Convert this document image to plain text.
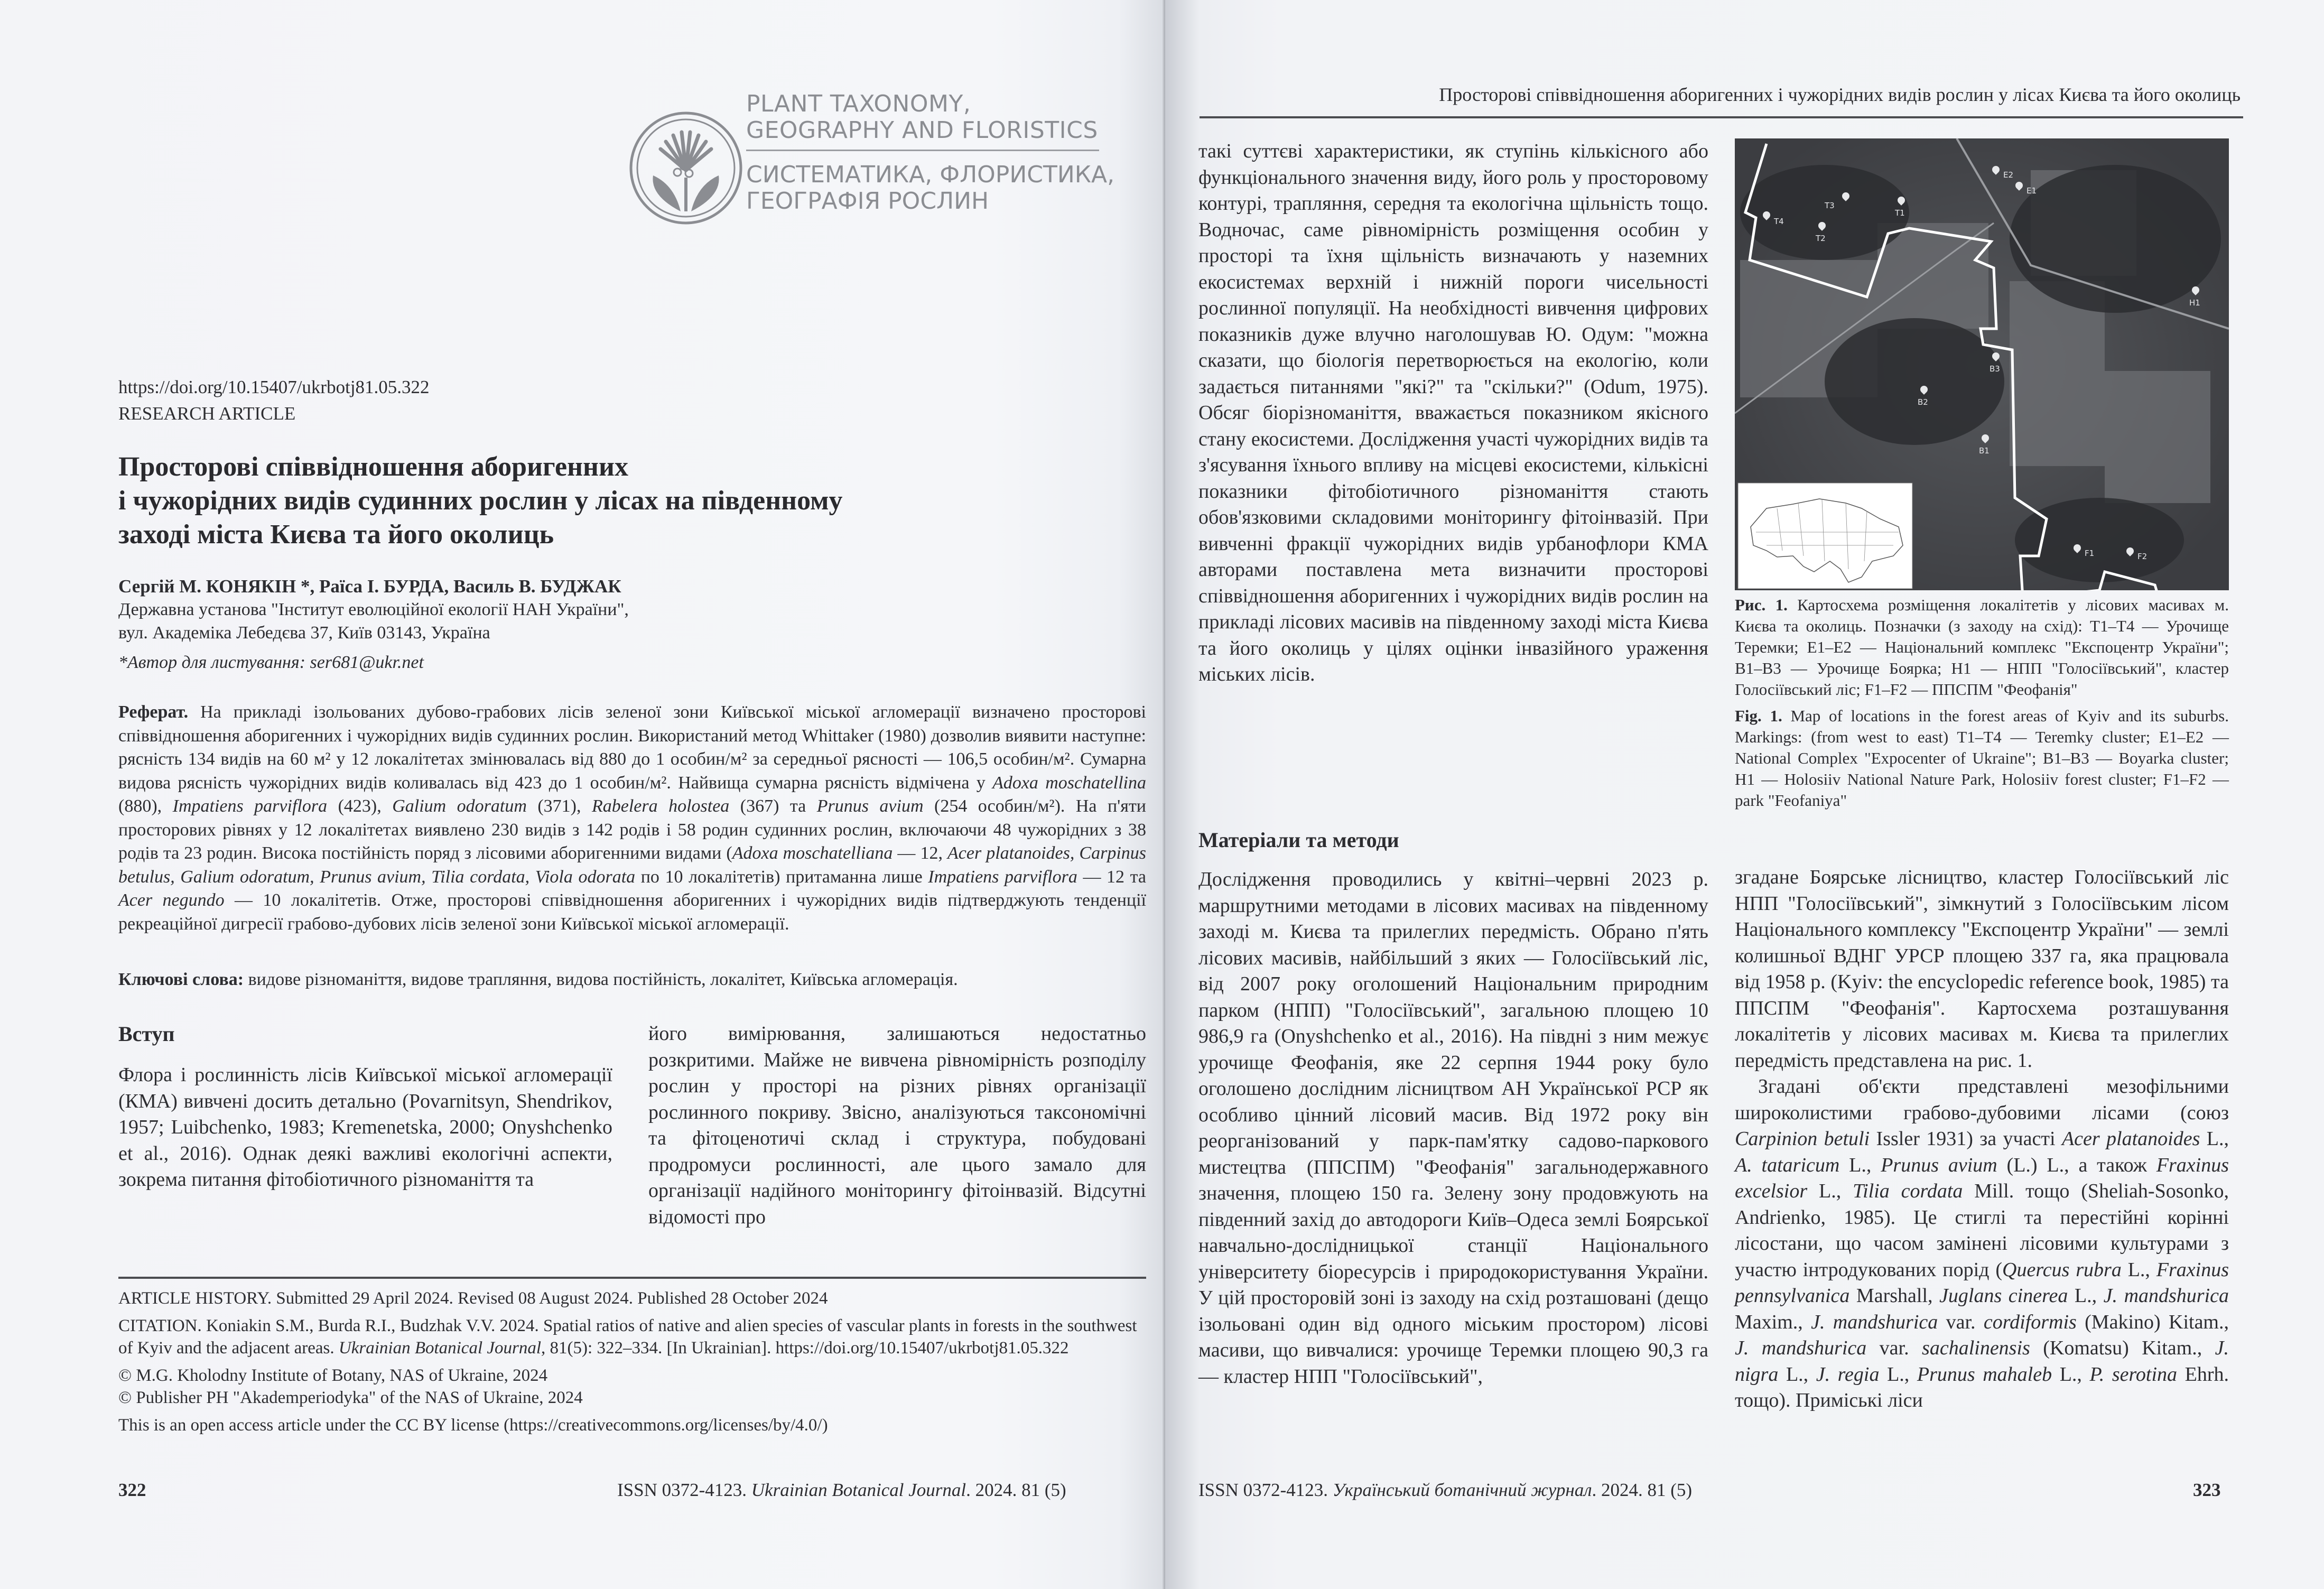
PLANT TAXONOMY,
GEOGRAPHY AND FLORISTICS
СИСТЕМАТИКА, ФЛОРИСТИКА,
ГЕОГРАФІЯ РОСЛИН
https://doi.org/10.15407/ukrbotj81.05.322
RESEARCH ARTICLE
Просторові співвідношення аборигенних
і чужорідних видів судинних рослин у лісах на південному
заході міста Києва та його околиць
Сергій М. КОНЯКІН *, Раїса І. БУРДА, Василь В. БУДЖАК
Державна установа "Інститут еволюційної екології НАН України",
вул. Академіка Лебедєва 37, Київ 03143, Україна
*Автор для листування: ser681@ukr.net
Реферат. На прикладі ізольованих дубово-грабових лісів зеленої зони Київської міської агломерації визначено просторові співвідношення аборигенних і чужорідних видів судинних рослин. Використаний метод Whittaker (1980) дозволив виявити наступне: рясність 134 видів на 60 м² у 12 локалітетах змінювалась від 880 до 1 особин/м² за середньої рясності — 106,5 особин/м². Сумарна видова рясність чужорідних видів коливалась від 423 до 1 особин/м². Найвища сумарна рясність відмічена у Adoxa moschatellina (880), Impatiens parviflora (423), Galium odoratum (371), Rabelera holostea (367) та Prunus avium (254 особин/м²). На п'яти просторових рівнях у 12 локалітетах виявлено 230 видів з 142 родів і 58 родин судинних рослин, включаючи 48 чужорідних з 38 родів та 23 родин. Висока постійність поряд з лісовими аборигенними видами (Adoxa moschatelliana — 12, Acer platanoides, Carpinus betulus, Galium odoratum, Prunus avium, Tilia cordata, Viola odorata по 10 локалітетів) притаманна лише Impatiens parviflora — 12 та Acer negundo — 10 локалітетів. Отже, просторові співвідношення аборигенних і чужорідних видів підтверджують тенденції рекреаційної дигресії грабово-дубових лісів зеленої зони Київської міської агломерації.
Ключові слова: видове різноманіття, видове трапляння, видова постійність, локалітет, Київська агломерація.
Вступ
Флора і рослинність лісів Київської міської агломерації (КМА) вивчені досить детально (Povarnitsyn, Shendrikov, 1957; Luibchenko, 1983; Kremenetska, 2000; Onyshchenko et al., 2016). Однак деякі важливі екологічні аспекти, зокрема питання фітобіотичного різноманіття та
його вимірювання, залишаються недостатньо розкритими. Майже не вивчена рівномірність розподілу рослин у просторі на різних рівнях організації рослинного покриву. Звісно, аналізуються таксономічні та фітоценотичі склад і структура, побудовані продромуси рослинності, але цього замало для організації надійного моніторингу фітоінвазій. Відсутні відомості про

ARTICLE HISTORY. Submitted 29 April 2024. Revised 08 August 2024. Published 28 October 2024

CITATION. Koniakin S.M., Burda R.I., Budzhak V.V. 2024. Spatial ratios of native and alien species of vascular plants in forests in the southwest of Kyiv and the adjacent areas. Ukrainian Botanical Journal, 81(5): 322–334. [In Ukrainian]. https://doi.org/10.15407/ukrbotj81.05.322

© M.G. Kholodny Institute of Botany, NAS of Ukraine, 2024

© Publisher PH "Akademperiodyka" of the NAS of Ukraine, 2024

This is an open access article under the CC BY license (https://creativecommons.org/licenses/by/4.0/)

322	ISSN 0372-4123. Ukrainian Botanical Journal. 2024. 81 (5)
Просторові співвідношення аборигенних і чужорідних видів рослин у лісах Києва та його околиць
такі суттєві характеристики, як ступінь кількісного або функціонального значення виду, його роль у просторовому контурі, трапляння, середня та екологічна щільність тощо. Водночас, саме рівномірність розміщення особин у просторі та їхня щільність визначають у наземних екосистемах верхній і нижній пороги чисельності рослинної популяції. На необхідності вивчення цифрових показників дуже влучно наголошував Ю. Одум: "можна сказати, що біологія перетворюється на екологію, коли задається питаннями "які?" та "скільки?" (Odum, 1975). Обсяг біорізноманіття, вважається показником якісного стану екосистеми. Дослідження участі чужорідних видів та з'ясування їхнього впливу на місцеві екосистеми, кількісні показники фітобіотичного різноманіття стають обов'язковими складовими моніторингу фітоінвазій. При вивченні фракції чужорідних видів урбанофлори КМА авторами поставлена мета визначити просторові співвідношення аборигенних і чужорідних видів рослин на прикладі лісових масивів на південному заході міста Києва та його околиць у цілях оцінки інвазійного ураження міських лісів.
Матеріали та методи
Дослідження проводились у квітні–червні 2023 р. маршрутними методами в лісових масивах на південному заході м. Києва та прилеглих передмість. Обрано п'ять лісових масивів, найбільший з яких — Голосіївський ліс, від 2007 року оголошений Національним природним парком (НПП) "Голосіївський", загальною площею 10 986,9 га (Onyshchenko et al., 2016). На півдні з ним межує урочище Феофанія, яке 22 серпня 1944 року було оголошено дослідним лісництвом АН Української РСР як особливо цінний лісовий масив. Від 1972 року він реорганізований у парк-пам'ятку садово-паркового мистецтва (ППСПМ) "Феофанія" загальнодержавного значення, площею 150 га. Зелену зону продовжують на південний захід до автодороги Київ–Одеса землі Боярської навчально-дослідницької станції Національного університету біоресурсів і природокористування України. У цій просторовій зоні із заходу на схід розташовані (дещо ізольовані один від одного міським простором) лісові масиви, що вивчалися: урочище Теремки площею 90,3 га — кластер НПП "Голосіївський",
T1
T2
T3
T4
E1
E2
B1
B2
B3
H1
F1	F2

Рис. 1. Картосхема розміщення локалітетів у лісових масивах м. Києва та околиць. Позначки (з заходу на схід): T1–T4 — Урочище Теремки; E1–E2 — Національний комплекс "Експоцентр України"; B1–B3 — Урочище Боярка; H1 — НПП "Голосіївський", кластер Голосіївський ліс; F1–F2 — ППСПМ "Феофанія"

Fig. 1. Map of locations in the forest areas of Kyiv and its suburbs. Markings: (from west to east) T1–T4 — Teremky cluster; E1–E2 — National Complex "Expocenter of Ukraine"; B1–B3 — Boyarka cluster; H1 — Holosiiv National Nature Park, Holosiiv forest cluster; F1–F2 — park "Feofaniya"

згадане Боярське лісництво, кластер Голосіївський ліс НПП "Голосіївський", зімкнутий з Голосіївським лісом Національного комплексу "Експоцентр України" — землі колишньої ВДНГ УРСР площею 337 га, яка працювала від 1958 р. (Kyiv: the encyclopedic reference book, 1985) та ППСПМ "Феофанія". Картосхема розташування локалітетів у лісових масивах м. Києва та прилеглих передмість представлена на рис. 1.
Згадані об'єкти представлені мезофільними широколистими грабово-дубовими лісами (союз Carpinion betuli Issler 1931) за участі Acer platanoides L., A. tataricum L., Prunus avium (L.) L., а також Fraxinus excelsior L., Tilia cordata Mill. тощо (Sheliah-Sosonko, Andrienko, 1985). Це стиглі та перестійні корінні лісостани, що часом замінені лісовими культурами з участю інтродукованих порід (Quercus rubra L., Fraxinus pennsylvanica Marshall, Juglans cinerea L., J. mandshurica Maxim., J. mandshurica var. cordiformis (Makino) Kitam., J. mandshurica var. sachalinensis (Komatsu) Kitam., J. nigra L., J. regia L., Prunus mahaleb L., P. serotina Ehrh. тощо). Приміські ліси
ISSN 0372-4123. Український ботанічний журнал. 2024. 81 (5)	323
